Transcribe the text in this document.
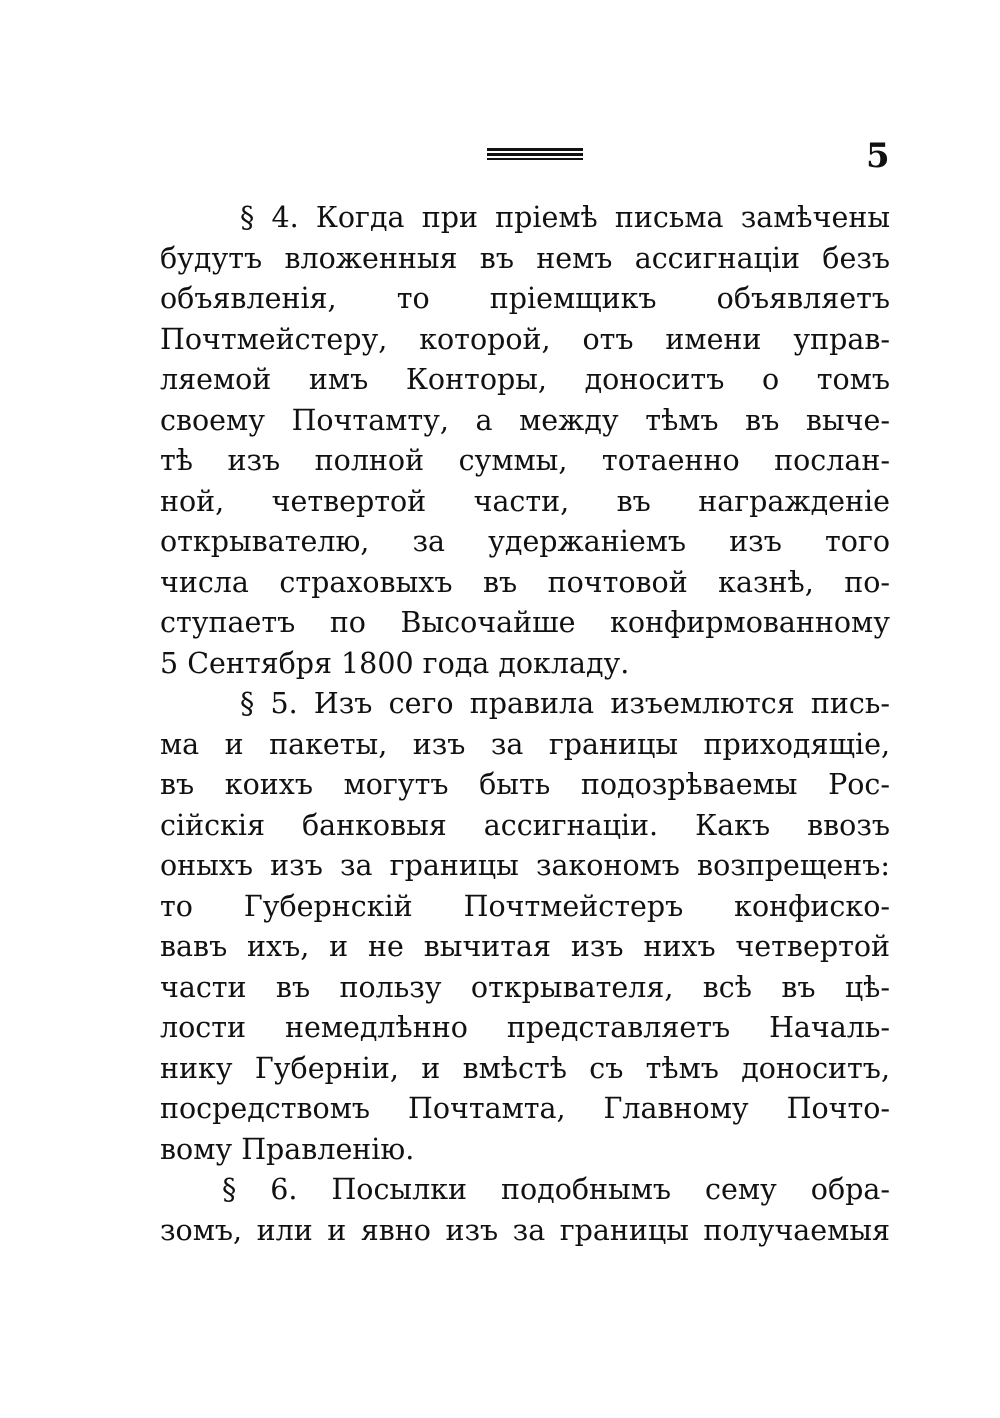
5
§ 4. Когда при пріемѣ письма замѣчены
будутъ вложенныя въ немъ ассигнаціи безъ
объявленія, то пріемщикъ объявляетъ
Почтмейстеру, которой, отъ имени управ-
ляемой имъ Конторы, доноситъ о томъ
своему Почтамту, а между тѣмъ въ выче-
тѣ изъ полной суммы, тотаенно послан-
ной, четвертой части, въ награжденіе
открывателю, за удержаніемъ изъ того
числа страховыхъ въ почтовой казнѣ, по-
ступаетъ по Высочайше конфирмованному
5 Сентября 1800 года докладу.
§ 5. Изъ сего правила изъемлются пись-
ма и пакеты, изъ за границы приходящіе,
въ коихъ могутъ быть подозрѣваемы Рос-
сійскія банковыя ассигнаціи. Какъ ввозъ
оныхъ изъ за границы закономъ возпрещенъ:
то Губернскій Почтмейстеръ конфиско-
вавъ ихъ, и не вычитая изъ нихъ четвертой
части въ пользу открывателя, всѣ въ цѣ-
лости немедлѣнно представляетъ Началь-
нику Губерніи, и вмѣстѣ съ тѣмъ доноситъ,
посредствомъ Почтамта, Главному Почто-
вому Правленію.
§ 6. Посылки подобнымъ сему обра-
зомъ, или и явно изъ за границы получаемыя
